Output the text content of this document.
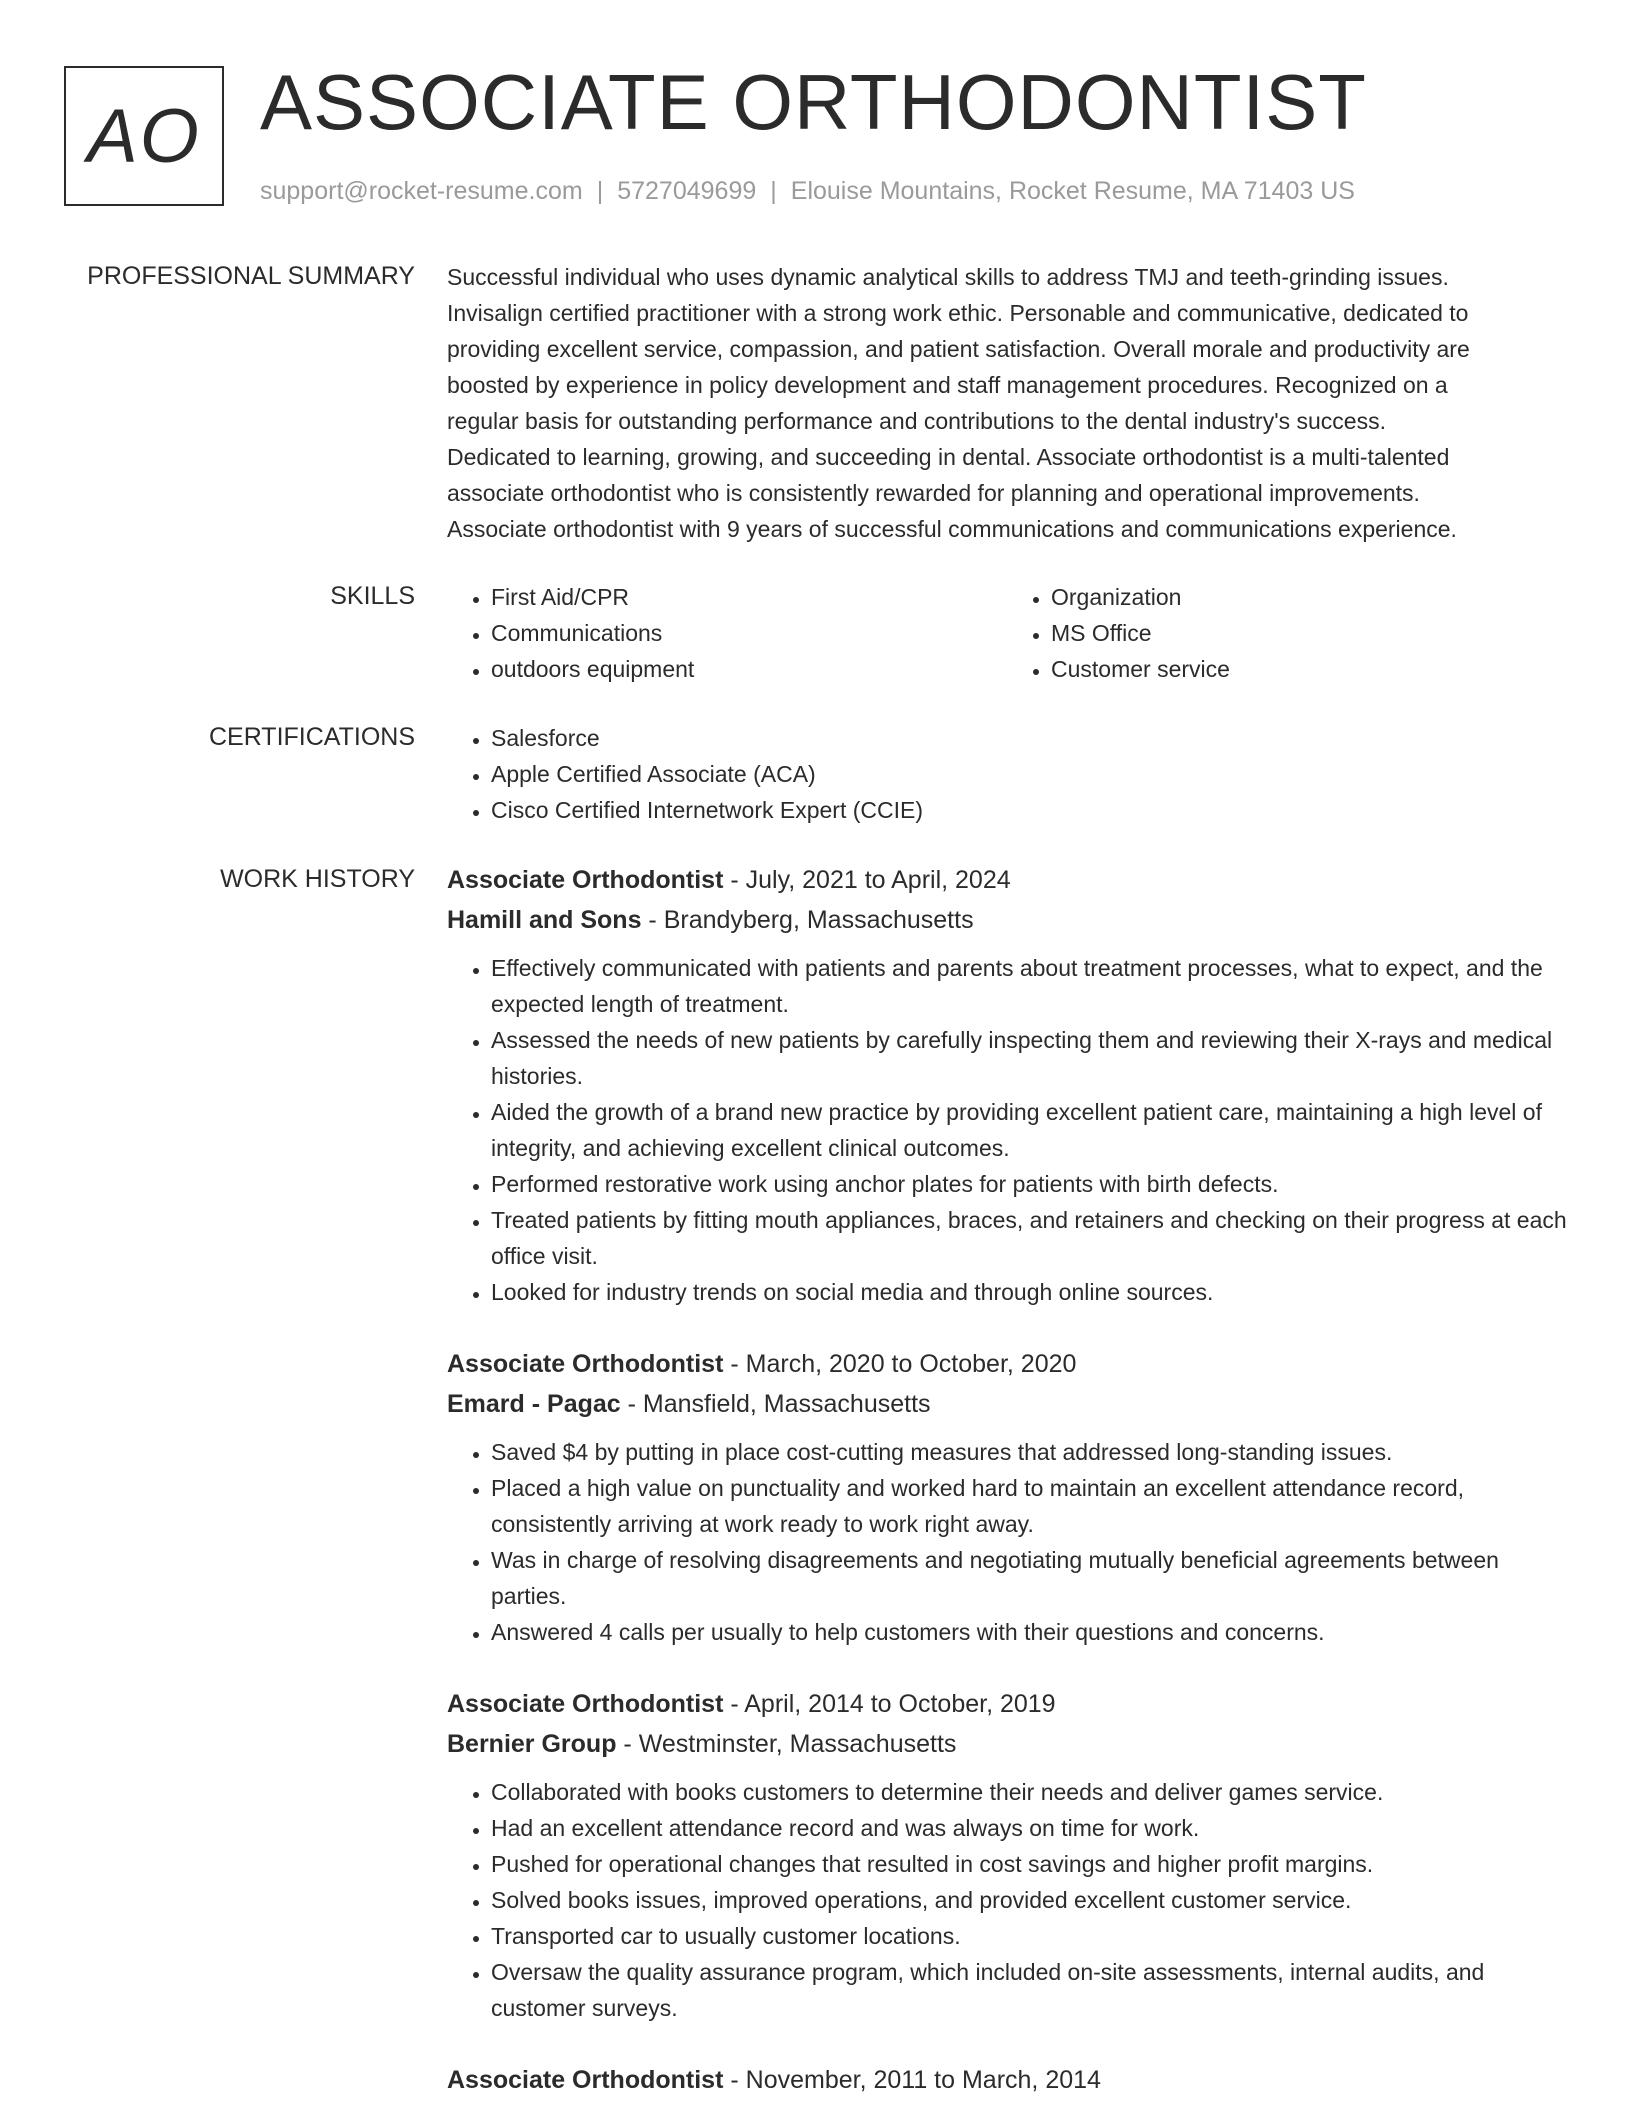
AO ASSOCIATE ORTHODONTIST
support@rocket-resume.com | 5727049699 | Elouise Mountains, Rocket Resume, MA 71403 US
PROFESSIONAL SUMMARY Successful individual who uses dynamic analytical skills to address TMJ and teeth-grinding issues.
Invisalign certified practitioner with a strong work ethic. Personable and communicative, dedicated to
providing excellent service, compassion, and patient satisfaction. Overall morale and productivity are
boosted by experience in policy development and staff management procedures. Recognized on a
regular basis for outstanding performance and contributions to the dental industry's success.
Dedicated to learning, growing, and succeeding in dental. Associate orthodontist is a multi-talented
associate orthodontist who is consistently rewarded for planning and operational improvements.
Associate orthodontist with 9 years of successful communications and communications experience.

SKILLS	• First Aid/CPR
• Communications
• outdoors equipment
• Organization
• MS Office
• Customer service
CERTIFICATIONS	• Salesforce
• Apple Certified Associate (ACA)
• Cisco Certified Internetwork Expert (CCIE)
WORK HISTORY Associate Orthodontist - July, 2021 to April, 2024
Hamill and Sons - Brandyberg, Massachusetts
• Effectively communicated with patients and parents about treatment processes, what to expect, and the expected length of treatment.
• Assessed the needs of new patients by carefully inspecting them and reviewing their X-rays and medical histories.
• Aided the growth of a brand new practice by providing excellent patient care, maintaining a high level of integrity, and achieving excellent clinical outcomes.
• Performed restorative work using anchor plates for patients with birth defects.
• Treated patients by fitting mouth appliances, braces, and retainers and checking on their progress at each office visit.
• Looked for industry trends on social media and through online sources.
Associate Orthodontist - March, 2020 to October, 2020
Emard - Pagac - Mansfield, Massachusetts
• Saved $4 by putting in place cost-cutting measures that addressed long-standing issues.
• Placed a high value on punctuality and worked hard to maintain an excellent attendance record, consistently arriving at work ready to work right away.
• Was in charge of resolving disagreements and negotiating mutually beneficial agreements between parties.
• Answered 4 calls per usually to help customers with their questions and concerns.
Associate Orthodontist - April, 2014 to October, 2019
Bernier Group - Westminster, Massachusetts
• Collaborated with books customers to determine their needs and deliver games service.
• Had an excellent attendance record and was always on time for work.
• Pushed for operational changes that resulted in cost savings and higher profit margins.
• Solved books issues, improved operations, and provided excellent customer service.
• Transported car to usually customer locations.
• Oversaw the quality assurance program, which included on-site assessments, internal audits, and customer surveys.
Associate Orthodontist - November, 2011 to March, 2014
